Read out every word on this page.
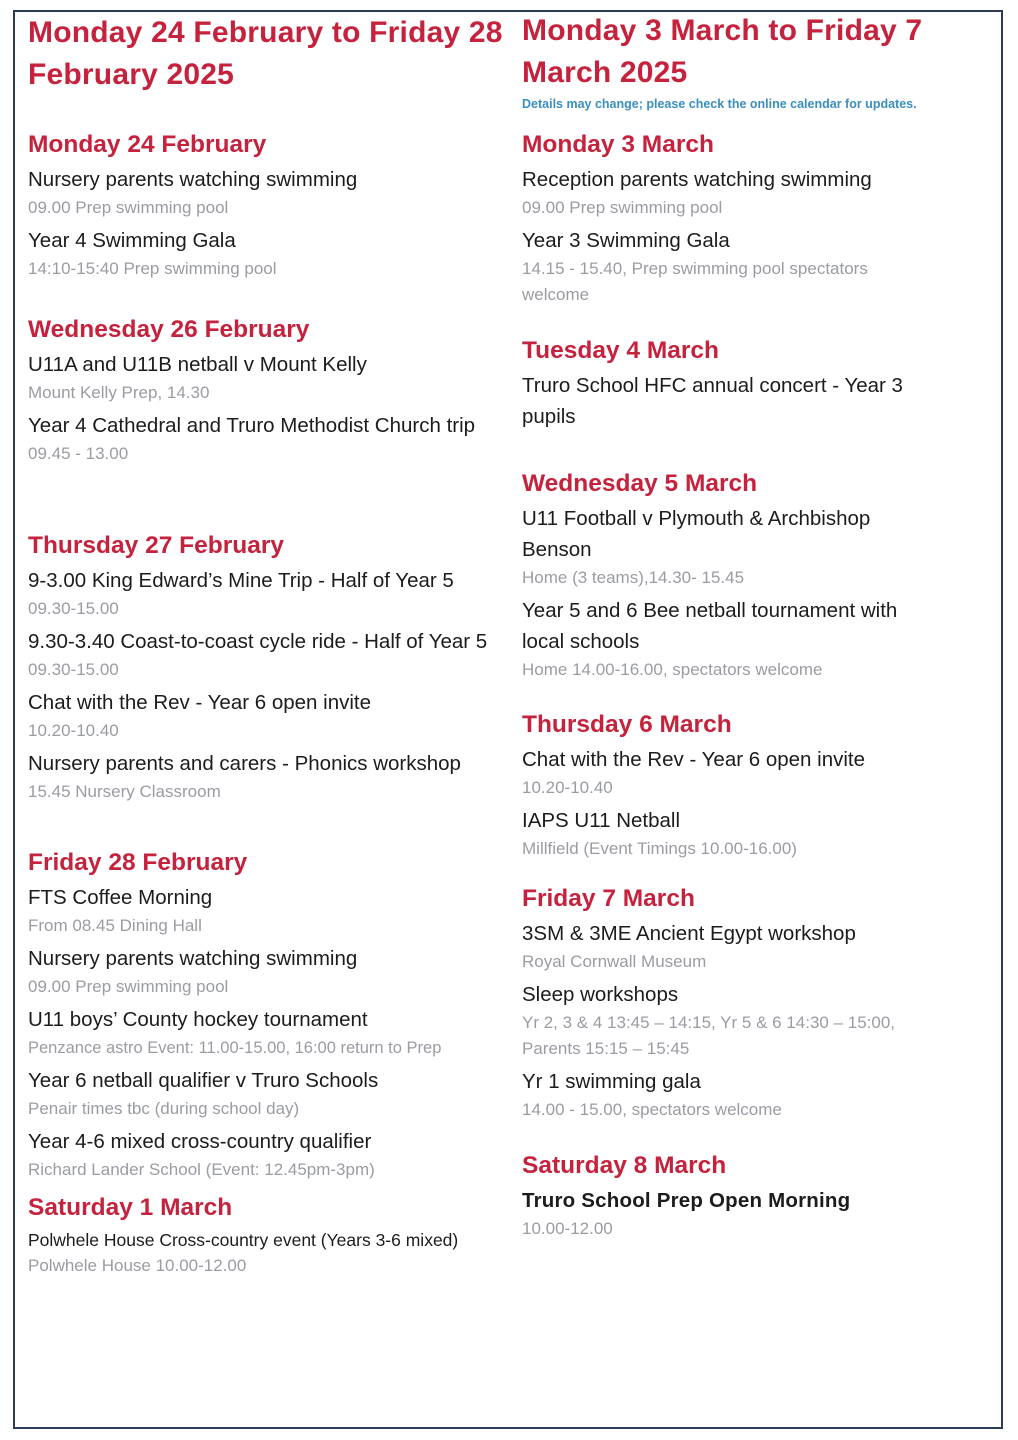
Monday 24 February to Friday 28 February 2025
Monday 24 February

Nursery parents watching swimming

09.00 Prep swimming pool

Year 4 Swimming Gala

14:10-15:40 Prep swimming pool

Wednesday 26 February

U11A and U11B netball v Mount Kelly

Mount Kelly Prep, 14.30

Year 4 Cathedral and Truro Methodist Church trip

09.45 - 13.00

Thursday 27 February

9-3.00 King Edward’s Mine Trip - Half of Year 5

09.30-15.00

9.30-3.40 Coast-to-coast cycle ride - Half of Year 5

09.30-15.00

Chat with the Rev - Year 6 open invite

10.20-10.40

Nursery parents and carers - Phonics workshop

15.45 Nursery Classroom

Friday 28 February

FTS Coffee Morning

From 08.45 Dining Hall

Nursery parents watching swimming

09.00 Prep swimming pool

U11 boys’ County hockey tournament

Penzance astro Event: 11.00-15.00, 16:00 return to Prep

Year 6 netball qualifier v Truro Schools

Penair times tbc (during school day)

Year 4-6 mixed cross-country qualifier

Richard Lander School (Event: 12.45pm-3pm)

Saturday 1 March

Polwhele House Cross-country event (Years 3-6 mixed)

Polwhele House 10.00-12.00

Monday 3 March to Friday 7 March 2025

Details may change; please check the online calendar for updates.

Monday 3 March

Reception parents watching swimming

09.00 Prep swimming pool

Year 3 Swimming Gala

14.15 - 15.40, Prep swimming pool spectators welcome

Tuesday 4 March

Truro School HFC annual concert - Year 3 pupils

Wednesday 5 March

U11 Football v Plymouth & Archbishop Benson

Home (3 teams),14.30- 15.45

Year 5 and 6 Bee netball tournament with local schools

Home 14.00-16.00, spectators welcome

Thursday 6 March

Chat with the Rev - Year 6 open invite

10.20-10.40

IAPS U11 Netball

Millfield (Event Timings 10.00-16.00)

Friday 7 March

3SM & 3ME Ancient Egypt workshop

Royal Cornwall Museum

Sleep workshops

Yr 2, 3 & 4 13:45 – 14:15, Yr 5 & 6 14:30 – 15:00, Parents 15:15 – 15:45

Yr 1 swimming gala

14.00 - 15.00, spectators welcome

Saturday 8 March

Truro School Prep Open Morning

10.00-12.00
